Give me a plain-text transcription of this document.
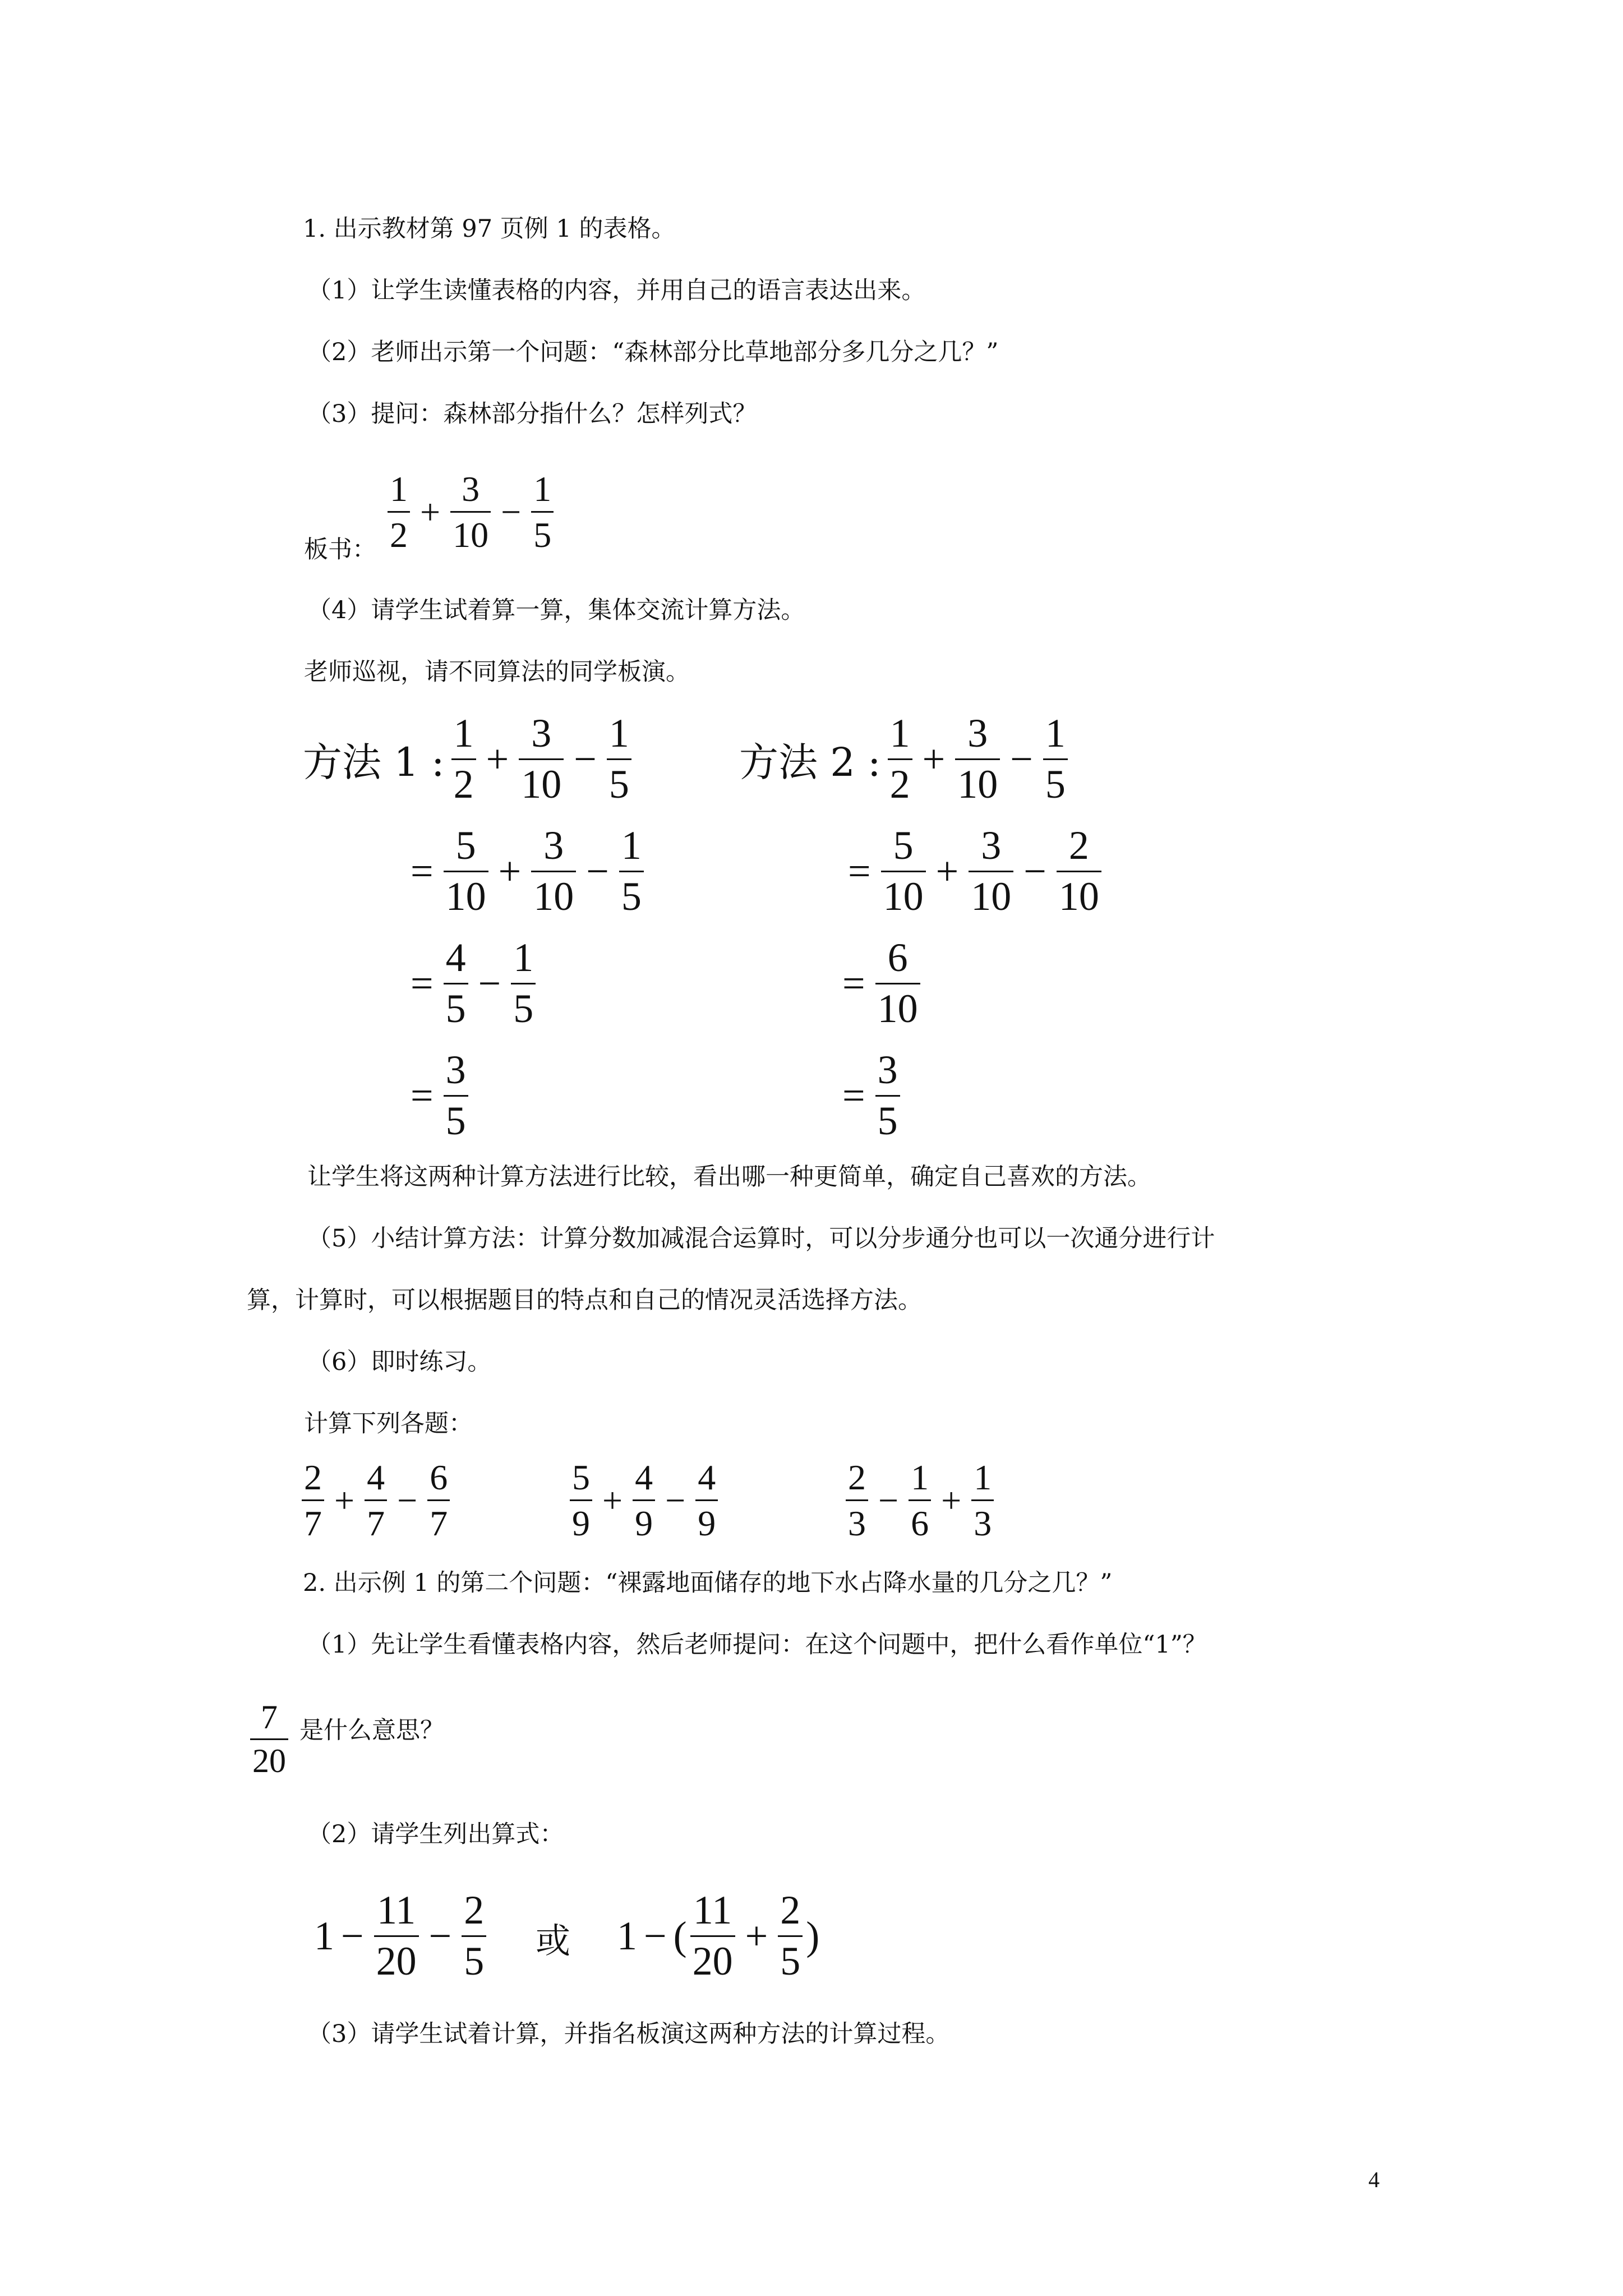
1. 出示教材第 97 页例 1 的表格。
（1）让学生读懂表格的内容，并用自己的语言表达出来。
（2）老师出示第一个问题：“森林部分比草地部分多几分之几？”
（3）提问：森林部分指什么？怎样列式？
板书： $\frac{1}{2} + \frac{3}{10} - \frac{1}{5}$
（4）请学生试着算一算，集体交流计算方法。
老师巡视，请不同算法的同学板演。
方法 1 : $\frac{1}{2} + \frac{3}{10} - \frac{1}{5}$
= $\frac{5}{10} + \frac{3}{10} - \frac{1}{5}$
= $\frac{4}{5} - \frac{1}{5}$
= $\frac{3}{5}$
方法 2 : $\frac{1}{2} + \frac{3}{10} - \frac{1}{5}$
= $\frac{5}{10} + \frac{3}{10} - \frac{2}{10}$
= $\frac{6}{10}$
= $\frac{3}{5}$
让学生将这两种计算方法进行比较，看出哪一种更简单，确定自己喜欢的方法。
（5）小结计算方法：计算分数加减混合运算时，可以分步通分也可以一次通分进行计
算，计算时，可以根据题目的特点和自己的情况灵活选择方法。
（6）即时练习。
计算下列各题：
$\frac{2}{7} + \frac{4}{7} - \frac{6}{7}$	$\frac{5}{9} + \frac{4}{9} - \frac{4}{9}$	$\frac{2}{3} - \frac{1}{6} + \frac{1}{3}$
2. 出示例 1 的第二个问题：“裸露地面储存的地下水占降水量的几分之几？”
（1）先让学生看懂表格内容，然后老师提问：在这个问题中，把什么看作单位“1”？
$\frac{7}{20}$ 是什么意思？
（2）请学生列出算式：
$1 - \frac{11}{20} - \frac{2}{5}$ 或 1 − ( $\frac{11}{20} + \frac{2}{5}$ )
（3）请学生试着计算，并指名板演这两种方法的计算过程。
4
